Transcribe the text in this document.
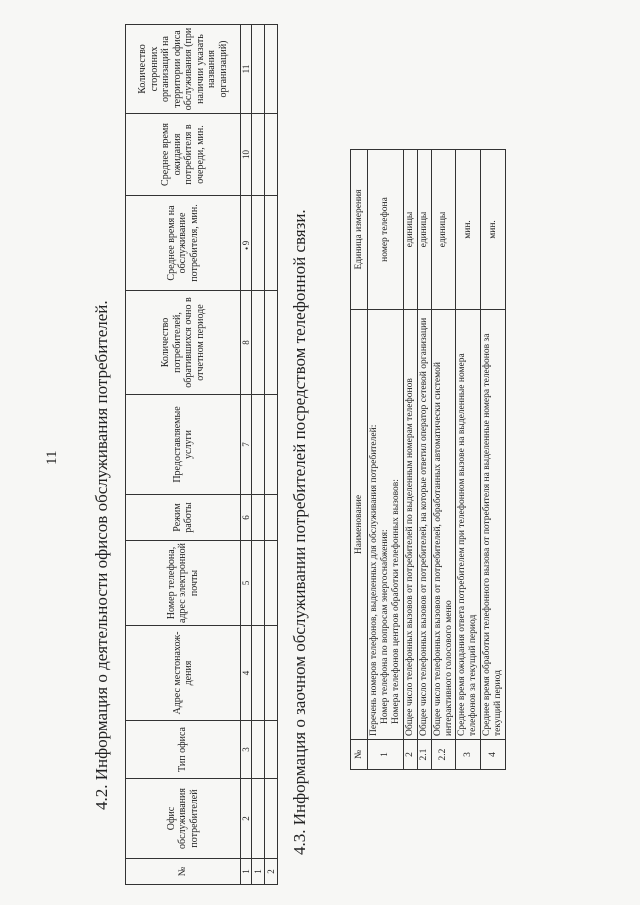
11 4.2. Информация о деятельности офисов обслуживания потребителей.
№	Офис обслуживания потребителей	Тип офиса	Адрес местонахож-дения	Номер телефона, адрес электронной почты	Режим работы	Предоставляемые услуги	Количество потребителей, обратившихся очно в отчетном периоде	Среднее время на обслуживание потребителя, мин.	Среднее время ожидания потребителя в очереди, мин.	Количество сторонних организаций на территории офиса обслуживания (при наличии указать названия организаций)
1	2	3	4	5	6	7	8	9	10	11
1										
2										
4.3. Информация о заочном обслуживании потребителей посредством телефонной связи.
•
№	Наименование	Единица измерения
1	Перечень номеров телефонов, выделенных для обслуживания потребителей: Номер телефона по вопросам энергоснабжения: Номера телефонов центров обработки телефонных вызовов:	номер телефона
2	Общее число телефонных вызовов от потребителей по выделенным номерам телефонов	единицы
2.1	Общее число телефонных вызовов от потребителей, на которые ответил оператор сетевой организации	единицы
2.2	Общее число телефонных вызовов от потребителей, обработанных автоматически системой интерактивного голосового меню	единицы
3	Среднее время ожидания ответа потребителем при телефонном вызове на выделенные номера телефонов за текущий период	мин.
4	Среднее время обработки телефонного вызова от потребителя на выделенные номера телефонов за текущий период	мин.
